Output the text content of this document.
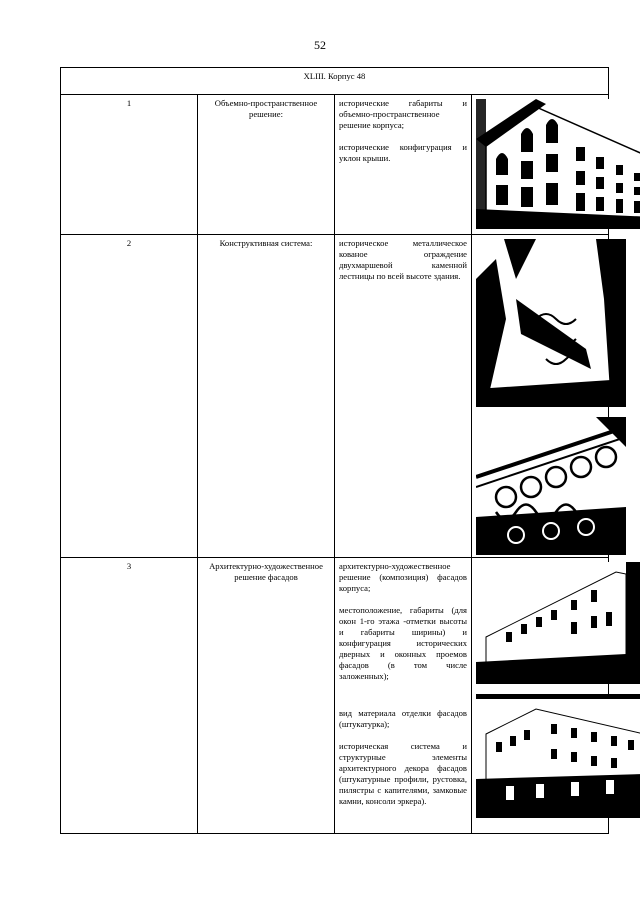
52
XLIII. Корпус 48			
1	Объемно-пространственное решение:	исторические габариты и объемно-пространственное решение корпуса;

исторические конфигурация и уклон крыши.

2	Конструктивная система:	историческое металлическое кованое ограждение двухмаршевой каменной лестницы по всей высоте здания.

3	Архитектурно-художественное решение фасадов	архитектурно-художественное решение (композиция) фасадов корпуса;

местоположение, габариты (для окон 1-го этажа -отметки высоты и габариты ширины) и конфигурация исторических дверных и оконных проемов фасадов (в том числе заложенных);

вид материала отделки фасадов (штукатурка);

историческая система и структурные элементы архитектурного декора фасадов (штукатурные профили, рустовка, пилястры с капителями, замковые камни, консоли эркера).
